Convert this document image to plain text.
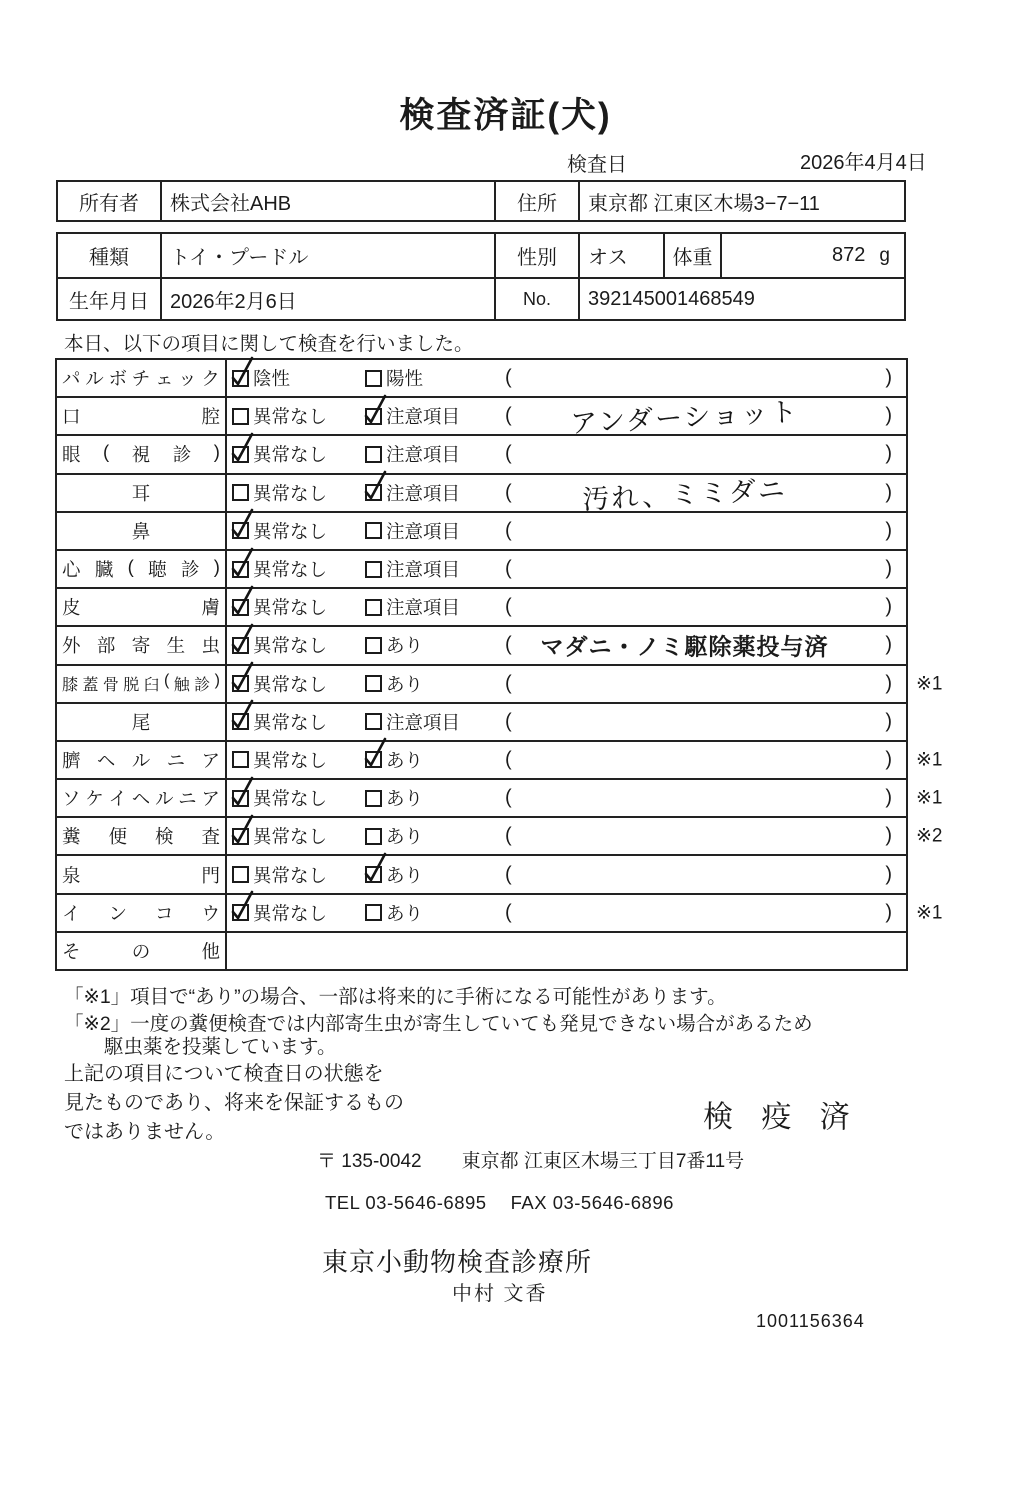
検査済証(犬)
検査日	2026年4月4日
所有者	株式会社AHB	住所	東京都 江東区木場3−7−11
種類	トイ・プードル	性別	オス	体重	872 g
生年月日	2026年2月6日	No.	392145001468549
本日、以下の項目に関して検査を行いました。
パ ル ボ チ ェ ッ ク 陰性	陽性	(	)
口	腔 異常なし	注意項目 (	アンダーショット	)
眼 ( 視 診 ) 異常なし	注意項目 (	)
耳	異常なし	注意項目 (	汚れ、ミミダニ	)
鼻	異常なし	注意項目 (	)
心 臓 ( 聴 診 ) 異常なし	注意項目 (	)
皮	膚 異常なし	注意項目 (	)
外 部 寄 生 虫 異常なし	あり	(	マダニ・ノミ駆除薬投与済	)
膝 蓋 骨 脱 臼 ( 触 診 ) 異常なし	あり	(	) ※1
尾	異常なし	注意項目 (	)
臍 ヘ ル ニ ア 異常なし	あり	(	) ※1
ソ ケ イ ヘ ル ニ ア 異常なし	あり	(	) ※1
糞 便 検 査 異常なし	あり	(	) ※2
泉	門 異常なし	あり	(	)
イ ン コ ウ 異常なし	あり	(	) ※1
そ	の	他
「※1」項目で“あり”の場合、一部は将来的に手術になる可能性があります。
「※2」一度の糞便検査では内部寄生虫が寄生していても発見できない場合があるため
駆虫薬を投薬しています。
上記の項目について検査日の状態を
見たものであり、将来を保証するもの
ではありません。	検 疫 済
〒 135-0042 東京都 江東区木場三丁目7番11号
TEL 03-5646-6895 FAX 03-5646-6896
東京小動物検査診療所
中村 文香
1001156364
